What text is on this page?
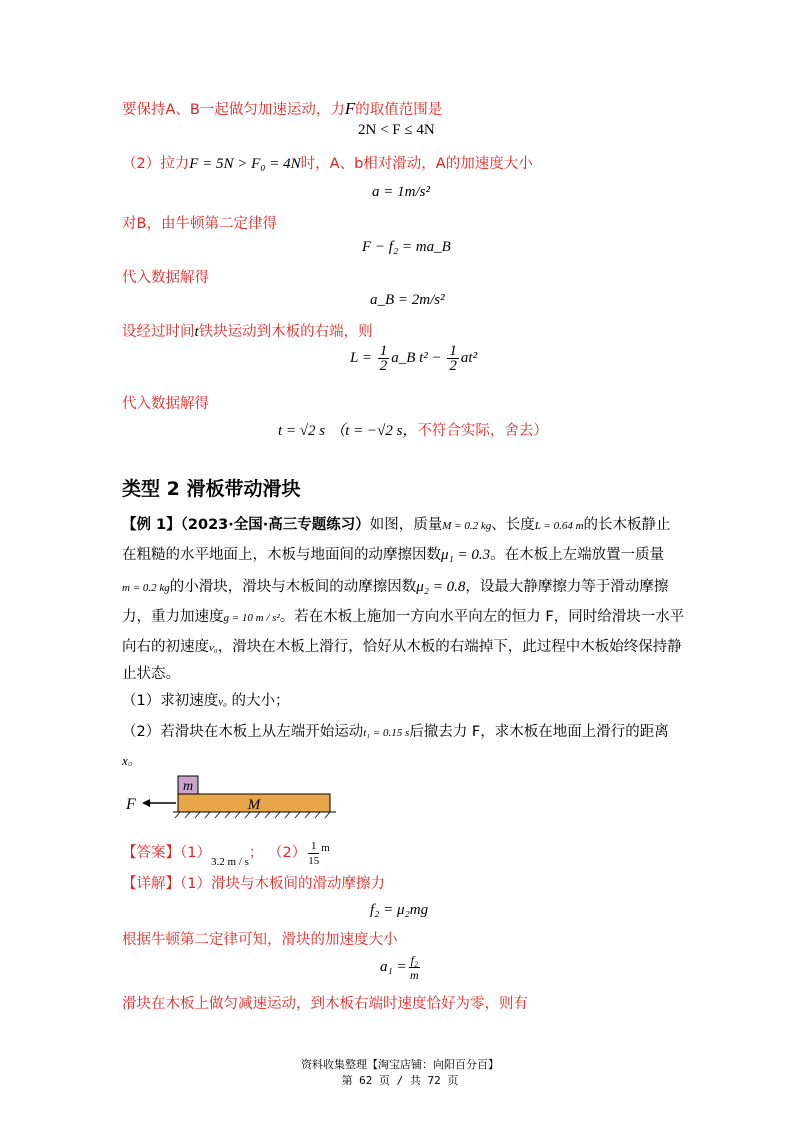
要保持A、B一起做匀加速运动，力F的取值范围是
2N < F ≤ 4N
（2）拉力F = 5N > F₀ = 4N时，A、b相对滑动，A的加速度大小
a = 1m/s²
对B，由牛顿第二定律得
F − f₂ = ma_B
代入数据解得
a_B = 2m/s²
设经过时间t铁块运动到木板的右端，则
$L = \frac{1}{2}$ a_B $t^2 - \frac{1}{2} at^2$
代入数据解得
t = √2 s （t = −√2 s，不符合实际，舍去）
类型 2 滑板带动滑块
【例 1】（2023·全国·高三专题练习）如图，质量M = 0.2 kg、长度L = 0.64 m的长木板静止
在粗糙的水平地面上，木板与地面间的动摩擦因数μ₁ = 0.3。在木板上左端放置一质量
m = 0.2 kg的小滑块，滑块与木板间的动摩擦因数μ₂ = 0.8，设最大静摩擦力等于滑动摩擦
力，重力加速度g = 10 m / s²。若在木板上施加一方向水平向左的恒力 F，同时给滑块一水平
向右的初速度v₀，滑块在木板上滑行，恰好从木板的右端掉下，此过程中木板始终保持静
止状态。
（1）求初速度v₀ 的大小；
（2）若滑块在木板上从左端开始运动t₁ = 0.15 s后撤去力 F，求木板在地面上滑行的距离
x。
m
M
F
【答案】$(1)_{3.2 m / s}$； $(2) \frac{1}{15} ^m$
【详解】（1）滑块与木板间的滑动摩擦力
f₂ = μ₂mg
根据牛顿第二定律可知，滑块的加速度大小
$a_1 = \frac{\text{f₂}}{m}$
滑块在木板上做匀减速运动，到木板右端时速度恰好为零，则有
资料收集整理【淘宝店铺：向阳百分百】
第 62 页 / 共 72 页
